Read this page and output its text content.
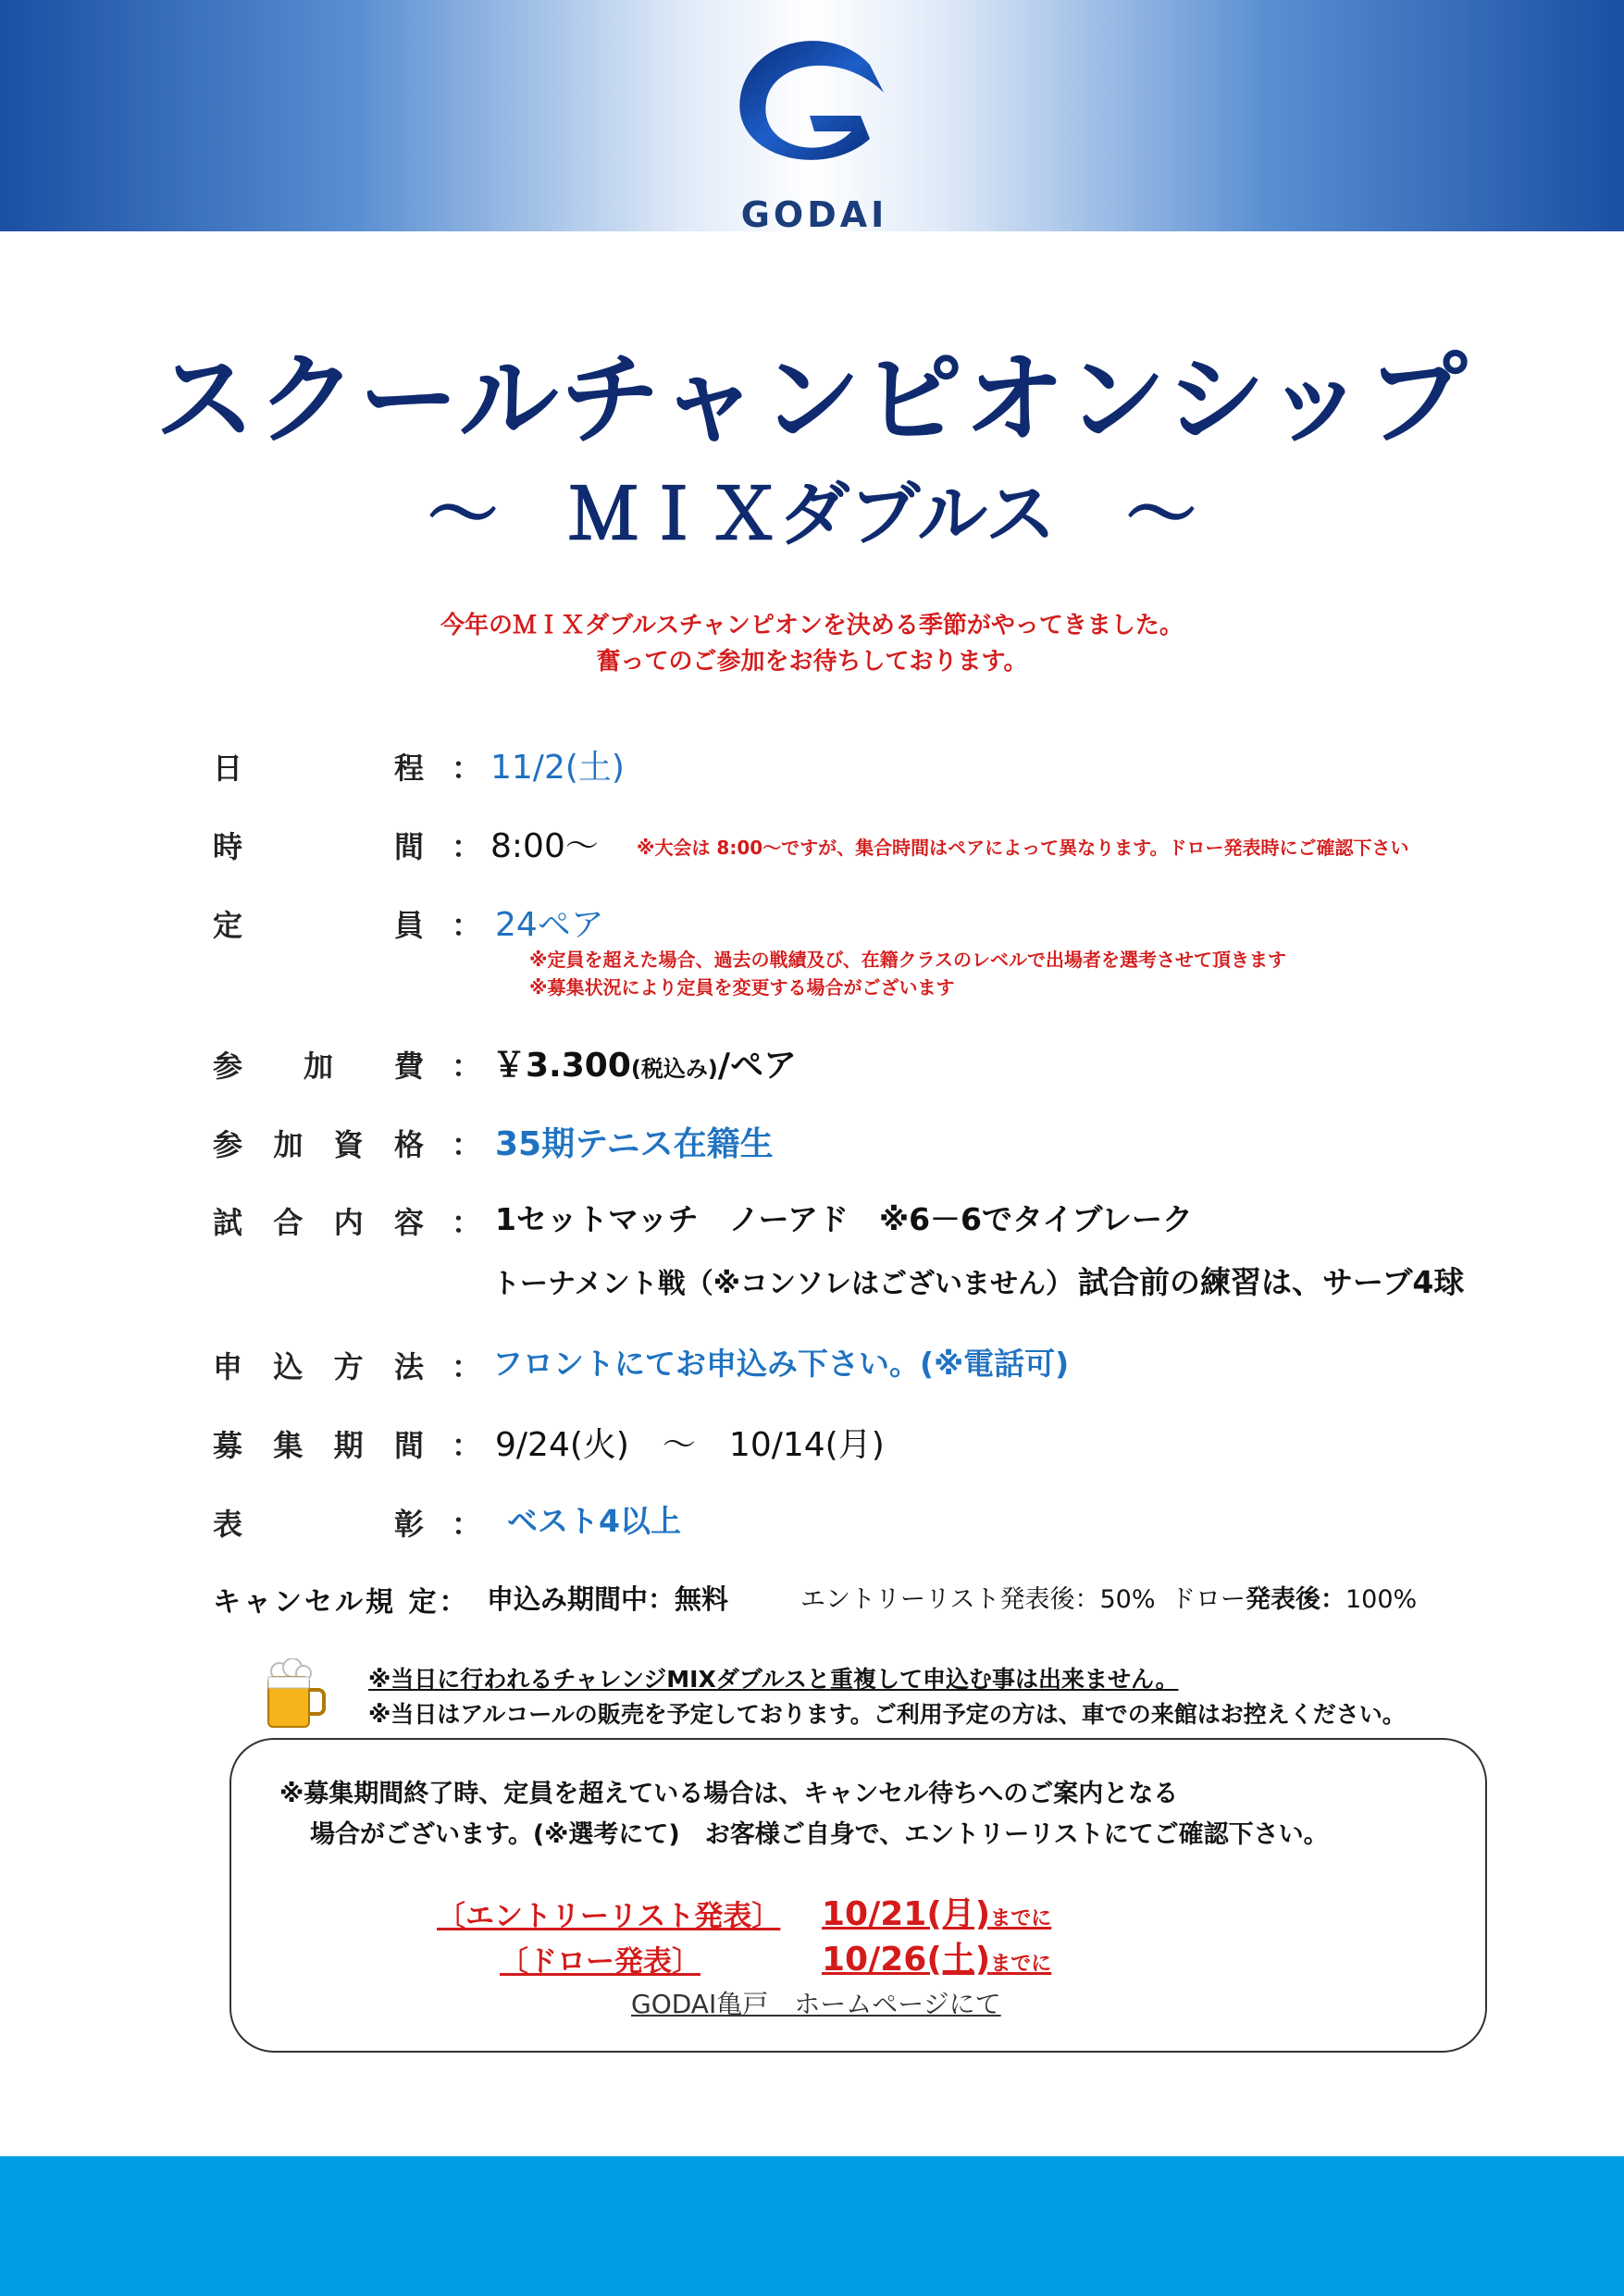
GODAI
スクールチャンピオンシップ
～　ＭＩＸダブルス　～
今年のＭＩＸダブルスチャンピオンを決める季節がやってきました。
奮ってのご参加をお待ちしております。
日	程 ： 11/2(土)
時	間 ： 8:00～ ※大会は 8:00～ですが、集合時間はペアによって異なります。ドロー発表時にご確認下さい
定	員 ： 24ペア
※定員を超えた場合、過去の戦績及び、在籍クラスのレベルで出場者を選考させて頂きます
※募集状況により定員を変更する場合がございます
参 加 費 ： ￥3.300(税込み)/ペア
参 加 資 格 ： 35期テニス在籍生
試 合 内 容 ： 1セットマッチ　ノーアド　※6－6でタイブレーク
トーナメント戦（※コンソレはございません） 試合前の練習は、サーブ4球
申 込 方 法 ： フロントにてお申込み下さい。(※電話可)
募 集 期 間 ： 9/24(火)　～　10/14(月)
表	彰 ： ベスト4以上
キャンセル規 定： 申込み期間中：無料	エントリーリスト発表後：50% ドロー発表後：100%
※当日に行われるチャレンジMIXダブルスと重複して申込む事は出来ません。
※当日はアルコールの販売を予定しております。ご利用予定の方は、車での来館はお控えください。
※募集期間終了時、定員を超えている場合は、キャンセル待ちへのご案内となる
場合がございます。(※選考にて)　お客様ご自身で、エントリーリストにてご確認下さい。
〔エントリーリスト発表〕 10/21(月)までに
〔ドロー発表〕	10/26(土)までに
GODAI亀戸　ホームページにて
